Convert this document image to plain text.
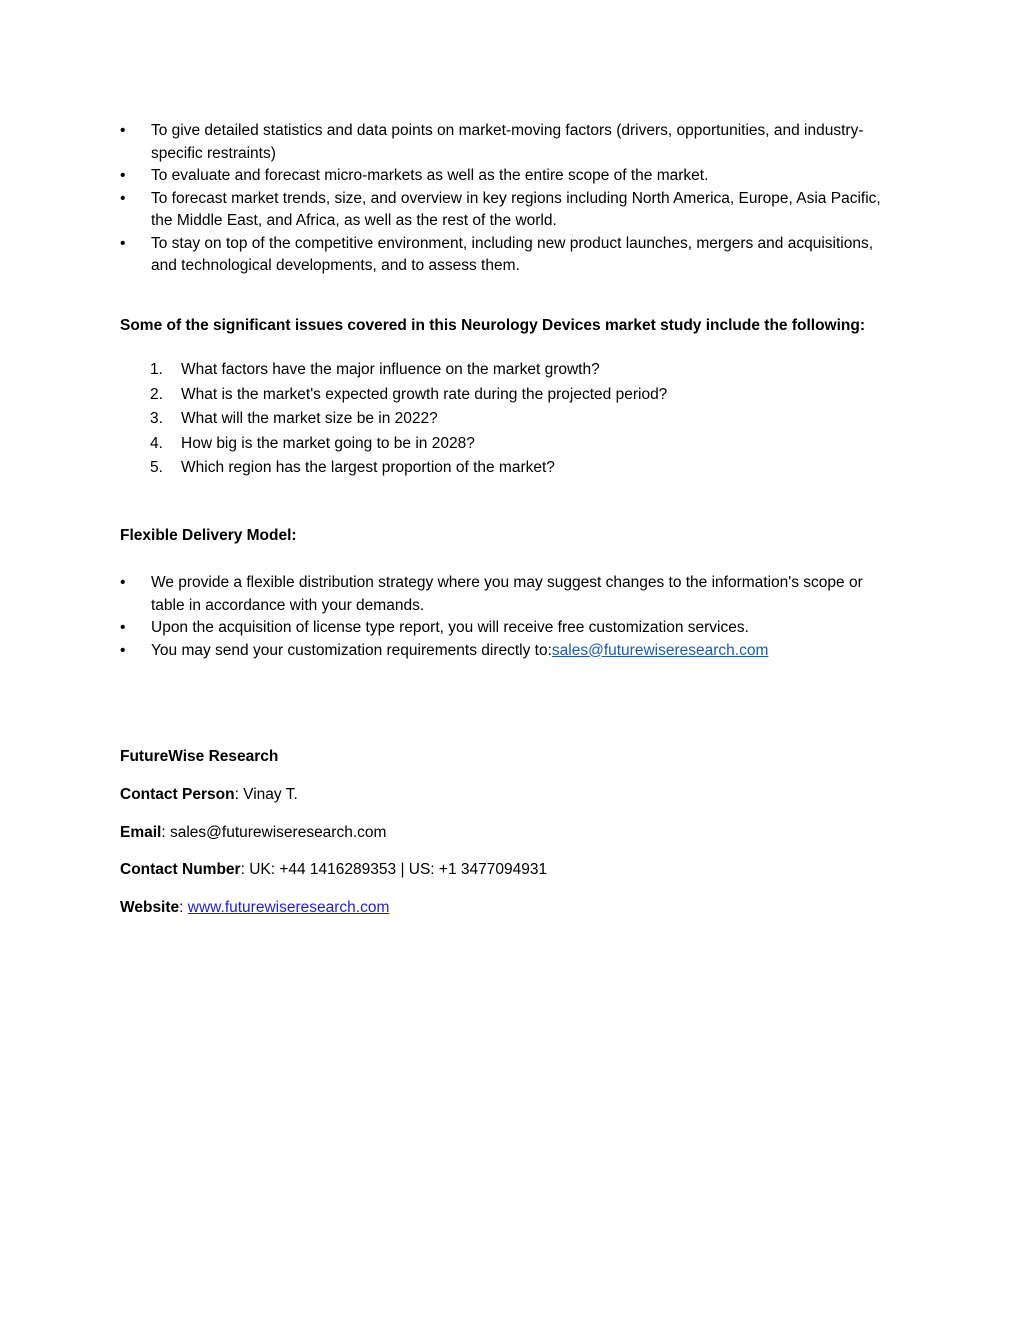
•	To give detailed statistics and data points on market-moving factors (drivers, opportunities, and industry-specific restraints)
•	To evaluate and forecast micro-markets as well as the entire scope of the market.
•	To forecast market trends, size, and overview in key regions including North America, Europe, Asia Pacific, the Middle East, and Africa, as well as the rest of the world.
•	To stay on top of the competitive environment, including new product launches, mergers and acquisitions, and technological developments, and to assess them.

Some of the significant issues covered in this Neurology Devices market study include the following:

1. What factors have the major influence on the market growth?
2. What is the market's expected growth rate during the projected period?
3. What will the market size be in 2022?
4. How big is the market going to be in 2028?
5. Which region has the largest proportion of the market?

Flexible Delivery Model:

•	We provide a flexible distribution strategy where you may suggest changes to the information's scope or table in accordance with your demands.
•	Upon the acquisition of license type report, you will receive free customization services.
•	You may send your customization requirements directly to:sales@futurewiseresearch.com

FutureWise Research

Contact Person: Vinay T.

Email: sales@futurewiseresearch.com

Contact Number: UK: +44 1416289353 | US: +1 3477094931

Website: www.futurewiseresearch.com
